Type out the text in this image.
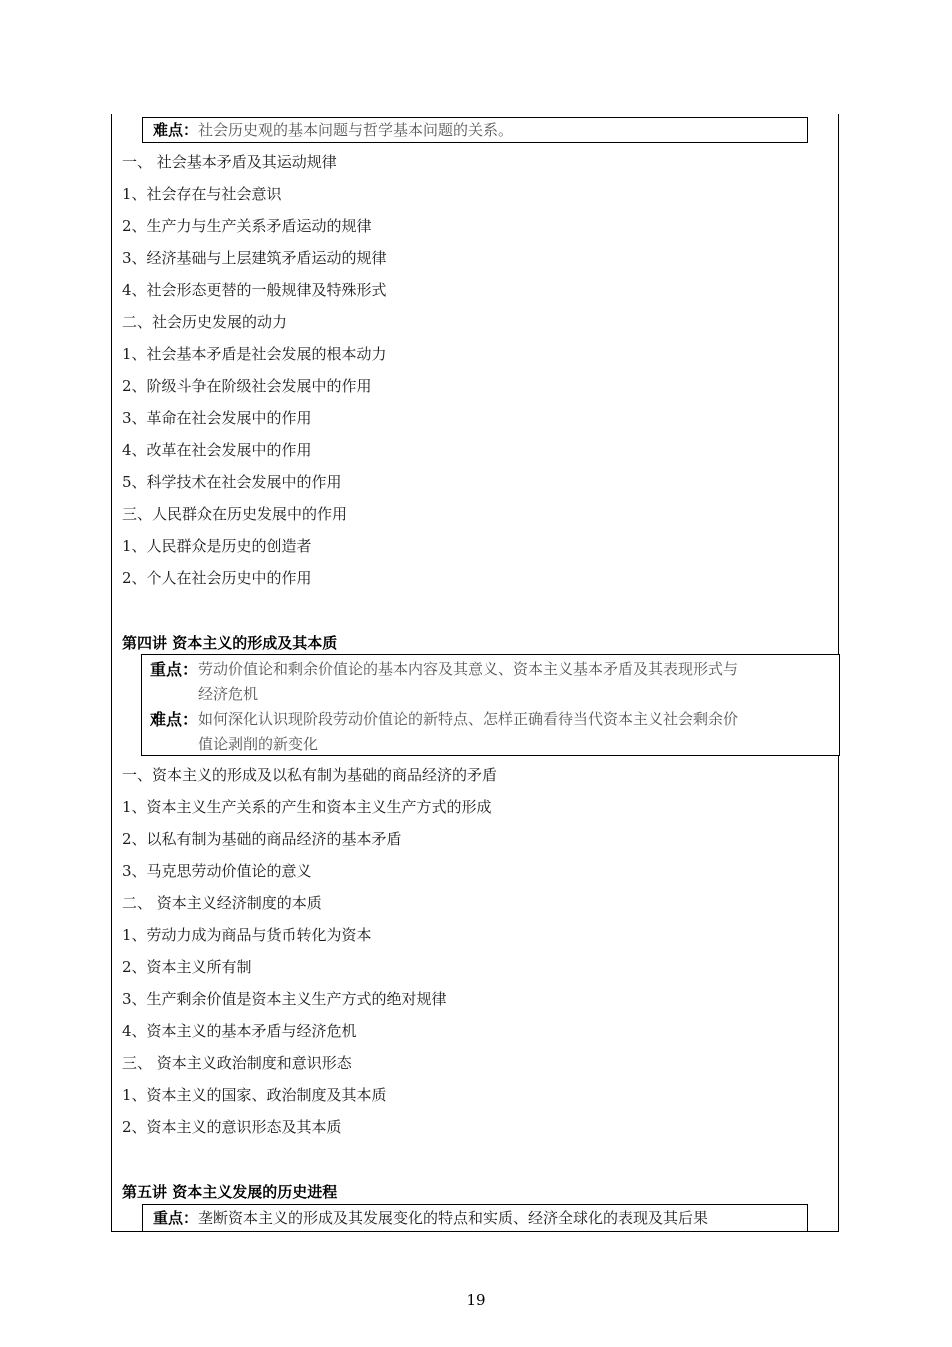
难点：社会历史观的基本问题与哲学基本问题的关系。
一、 社会基本矛盾及其运动规律
1、社会存在与社会意识
2、生产力与生产关系矛盾运动的规律
3、经济基础与上层建筑矛盾运动的规律
4、社会形态更替的一般规律及特殊形式
二、社会历史发展的动力
1、社会基本矛盾是社会发展的根本动力
2、阶级斗争在阶级社会发展中的作用
3、革命在社会发展中的作用
4、改革在社会发展中的作用
5、科学技术在社会发展中的作用
三、人民群众在历史发展中的作用
1、人民群众是历史的创造者
2、个人在社会历史中的作用
第四讲 资本主义的形成及其本质
重点： 劳动价值论和剩余价值论的基本内容及其意义、资本主义基本矛盾及其表现形式与
经济危机
难点： 如何深化认识现阶段劳动价值论的新特点、怎样正确看待当代资本主义社会剩余价
值论剥削的新变化
一、资本主义的形成及以私有制为基础的商品经济的矛盾
1、资本主义生产关系的产生和资本主义生产方式的形成
2、以私有制为基础的商品经济的基本矛盾
3、马克思劳动价值论的意义
二、 资本主义经济制度的本质
1、劳动力成为商品与货币转化为资本
2、资本主义所有制
3、生产剩余价值是资本主义生产方式的绝对规律
4、资本主义的基本矛盾与经济危机
三、 资本主义政治制度和意识形态
1、资本主义的国家、政治制度及其本质
2、资本主义的意识形态及其本质
第五讲 资本主义发展的历史进程
重点：垄断资本主义的形成及其发展变化的特点和实质、经济全球化的表现及其后果
19
